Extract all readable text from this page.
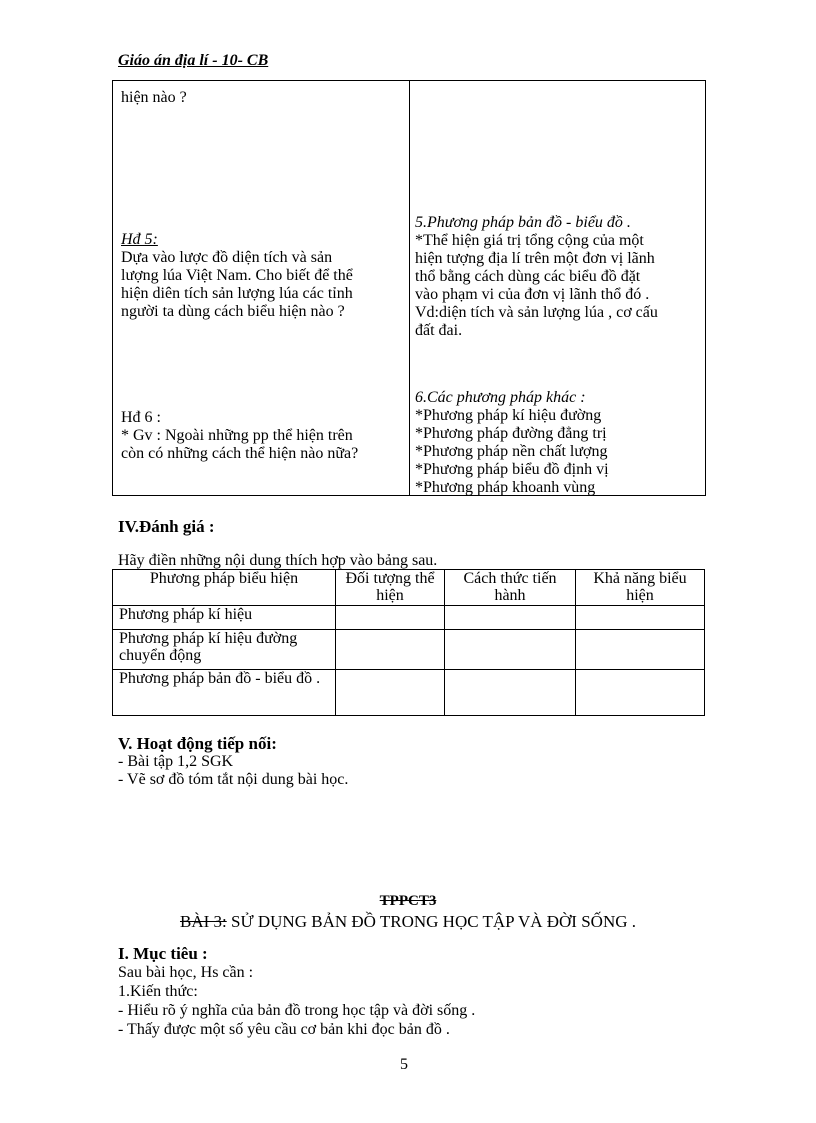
Giáo án địa lí - 10- CB
hiện nào ?
Hđ 5:
Dựa vào lược đồ diện tích và sản
lượng lúa Việt Nam. Cho biết để thể
hiện diên tích sản lượng lúa các tỉnh
người ta dùng cách biểu hiện nào ?
Hđ 6 :
* Gv : Ngoài những pp thể hiện trên
còn có những cách thể hiện nào nữa?
5.Phương pháp bản đồ - biểu đồ .
*Thể hiện giá trị tổng cộng của một
hiện tượng địa lí trên một đơn vị lãnh
thổ bằng cách dùng các biểu đồ đặt
vào phạm vi của đơn vị lãnh thổ đó .
Vd:diện tích và sản lượng lúa , cơ cấu
đất đai.
6.Các phương pháp khác :
*Phương pháp kí hiệu đường
*Phương pháp đường đẳng trị
*Phương pháp nền chất lượng
*Phương pháp biểu đồ định vị
*Phương pháp khoanh vùng
IV.Đánh giá :
Hãy điền những nội dung thích hợp vào bảng sau.
Phương pháp biểu hiện	Đối tượng thể hiện	Cách thức tiến hành	Khả năng biểu hiện
Phương pháp kí hiệu			
Phương pháp kí hiệu đường chuyển động			
Phương pháp bản đồ - biểu đồ .			
V. Hoạt động tiếp nối:
- Bài tập 1,2 SGK
- Vẽ sơ đồ tóm tắt nội dung bài học.
TPPCT3
BÀI 3: SỬ DỤNG BẢN ĐỒ TRONG HỌC TẬP VÀ ĐỜI SỐNG .
I. Mục tiêu :
Sau bài học, Hs cần :
1.Kiến thức:
- Hiểu rõ ý nghĩa của bản đồ trong học tập và đời sống .
- Thấy được một số yêu cầu cơ bản khi đọc bản đồ .
5
